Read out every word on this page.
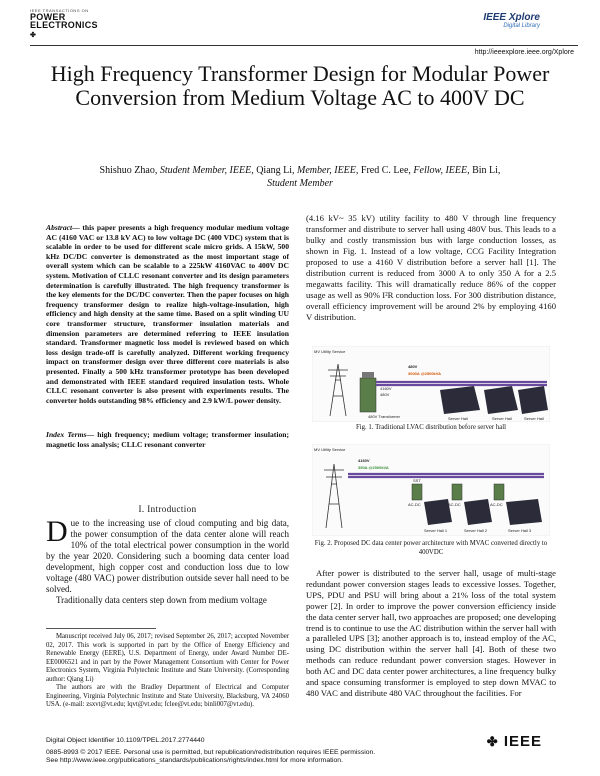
IEEE TRANSACTIONS ON
POWER
ELECTRONICS
✤
IEEE Xplore
Digital Library
http://ieeexplore.ieee.org/Xplore
High Frequency Transformer Design for Modular Power Conversion from Medium Voltage AC to 400V DC
Shishuo Zhao, Student Member, IEEE, Qiang Li, Member, IEEE, Fred C. Lee, Fellow, IEEE, Bin Li,
Student Member
Abstract— this paper presents a high frequency modular medium voltage AC (4160 VAC or 13.8 kV AC) to low voltage DC (400 VDC) system that is scalable in order to be used for different scale micro grids. A 15kW, 500 kHz DC/DC converter is demonstrated as the most important stage of overall system which can be scalable to a 225kW 4160VAC to 400V DC system. Motivation of CLLC resonant converter and its design parameters determination is carefully illustrated. The high frequency transformer is the key elements for the DC/DC converter. Then the paper focuses on high frequency transformer design to realize high-voltage-insulation, high efficiency and high density at the same time. Based on a split winding UU core transformer structure, transformer insulation materials and dimension parameters are determined referring to IEEE insulation standard. Transformer magnetic loss model is reviewed based on which loss design trade-off is carefully analyzed. Different working frequency impact on transformer design over three different core materials is also presented. Finally a 500 kHz transformer prototype has been developed and demonstrated with IEEE standard required insulation tests. Whole CLLC resonant converter is also present with experiments results. The converter holds outstanding 98% efficiency and 2.9 kW/L power density.
Index Terms— high frequency; medium voltage; transformer insulation; magnetic loss analysis; CLLC resonant converter
I. Introduction
Due to the increasing use of cloud computing and big data, the power consumption of the data center alone will reach 10% of the total electrical power consumption in the world by the year 2020. Considering such a booming data center load development, high copper cost and conduction loss due to low voltage (480 VAC) power distribution outside sever hall need to be solved.
Traditionally data centers step down from medium voltage

Manuscript received July 06, 2017; revised September 26, 2017; accepted November 02, 2017. This work is supported in part by the Office of Energy Efficiency and Renewable Energy (EERE), U.S. Department of Energy, under Award Number DE-EE0006521 and in part by the Power Management Consortium with Center for Power Electronics System, Virginia Polytechnic Institute and State University. (Corresponding author: Qiang Li)

The authors are with the Bradley Department of Electrical and Computer Engineering, Virginia Polytechnic Institute and State University, Blacksburg, VA 24060 USA. (e-mail: zsxvt@vt.edu; lqvt@vt.edu; fclee@vt.edu; binli007@vt.edu).

(4.16 kV~ 35 kV) utility facility to 480 V through line frequency transformer and distribute to server hall using 480V bus. This leads to a bulky and costly transmission bus with large conduction losses, as shown in Fig. 1. Instead of a low voltage, CCG Facility Integration proposed to use a 4160 V distribution before a server hall [1]. The distribution current is reduced from 3000 A to only 350 A for a 2.5 megawatts facility. This will dramatically reduce 86% of the copper usage as well as 90% I²R conduction loss. For 300 distribution distance, overall efficiency improvement will be around 2% by employing 4160 V distribution.
MV Utility Service
4160V
480V
480V Transformer
480V
3000A @2500kVA
Server Hall	Server Hall	Server Hall
Fig. 1. Traditional LVAC distribution before server hall
MV Utility Service
4160V
350A @2500kVA
AC-DC	AC-DC	AC-DC
SST
Server Hall 1	Server Hall 2	Server Hall 3
Fig. 2. Proposed DC data center power architecture with MVAC converted directly to 400VDC
After power is distributed to the server hall, usage of multi-stage redundant power conversion stages leads to excessive losses. Together, UPS, PDU and PSU will bring about a 21% loss of the total system power [2]. In order to improve the power conversion efficiency inside the data center server hall, two approaches are proposed; one developing trend is to continue to use the AC distribution within the server hall with a paralleled UPS [3]; another approach is to, instead employ of the AC, using DC distribution within the server hall [4]. Both of these two methods can reduce redundant power conversion stages. However in both AC and DC data center power architectures, a line frequency bulky and space consuming transformer is employed to step down MVAC to 480 VAC and distribute 480 VAC throughout the facilities. For
Digital Object Identifier 10.1109/TPEL.2017.2774440
0885-8993 © 2017 IEEE. Personal use is permitted, but republication/redistribution requires IEEE permission.
See http://www.ieee.org/publications_standards/publications/rights/index.html for more information.
✤ IEEE
